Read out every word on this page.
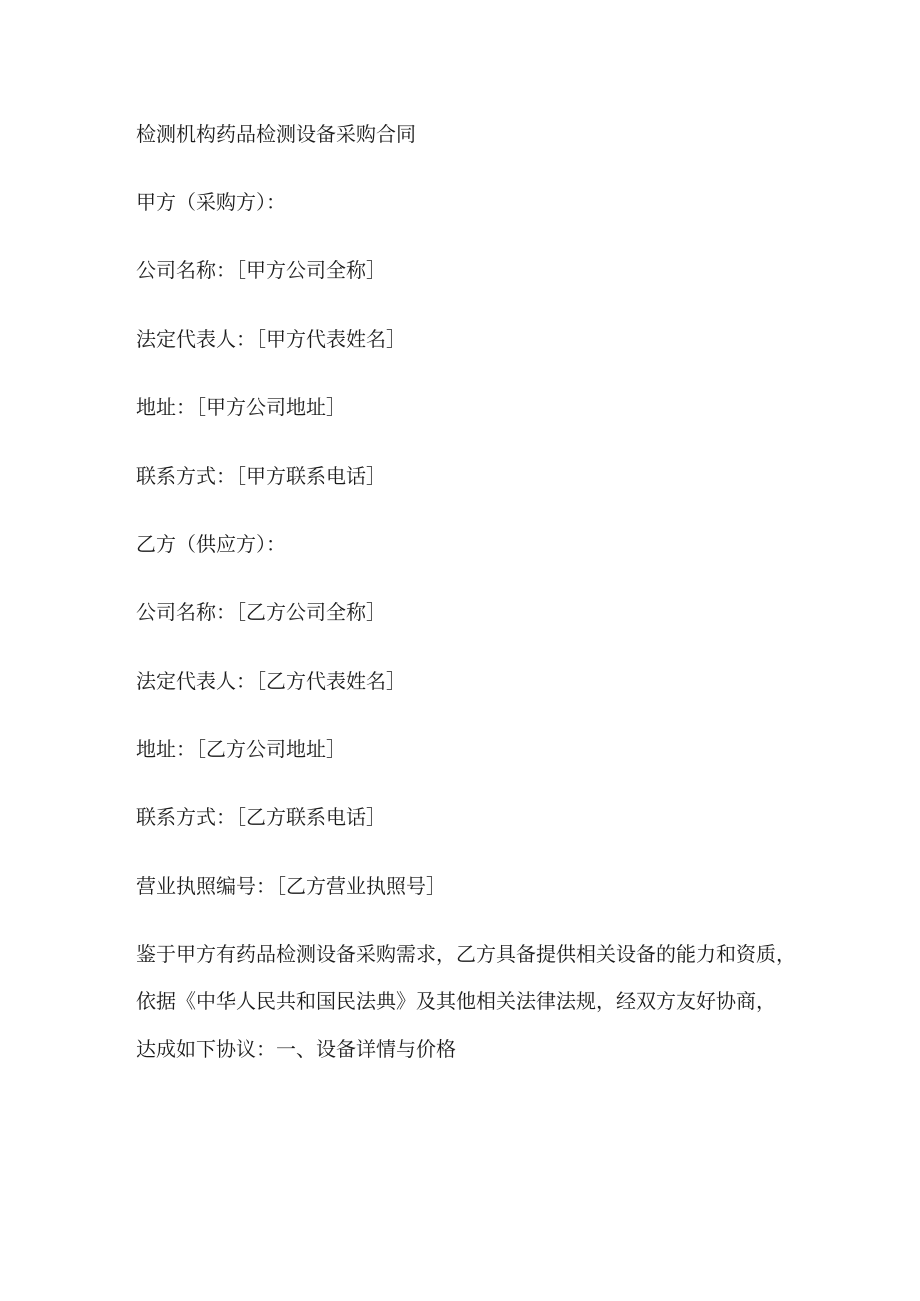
检测机构药品检测设备采购合同
甲方（采购方）：
公司名称：［甲方公司全称］
法定代表人：［甲方代表姓名］
地址：［甲方公司地址］
联系方式：［甲方联系电话］
乙方（供应方）：
公司名称：［乙方公司全称］
法定代表人：［乙方代表姓名］
地址：［乙方公司地址］
联系方式：［乙方联系电话］
营业执照编号：［乙方营业执照号］
鉴于甲方有药品检测设备采购需求，乙方具备提供相关设备的能力和资质，
依据《中华人民共和国民法典》及其他相关法律法规，经双方友好协商，
达成如下协议：一、设备详情与价格
